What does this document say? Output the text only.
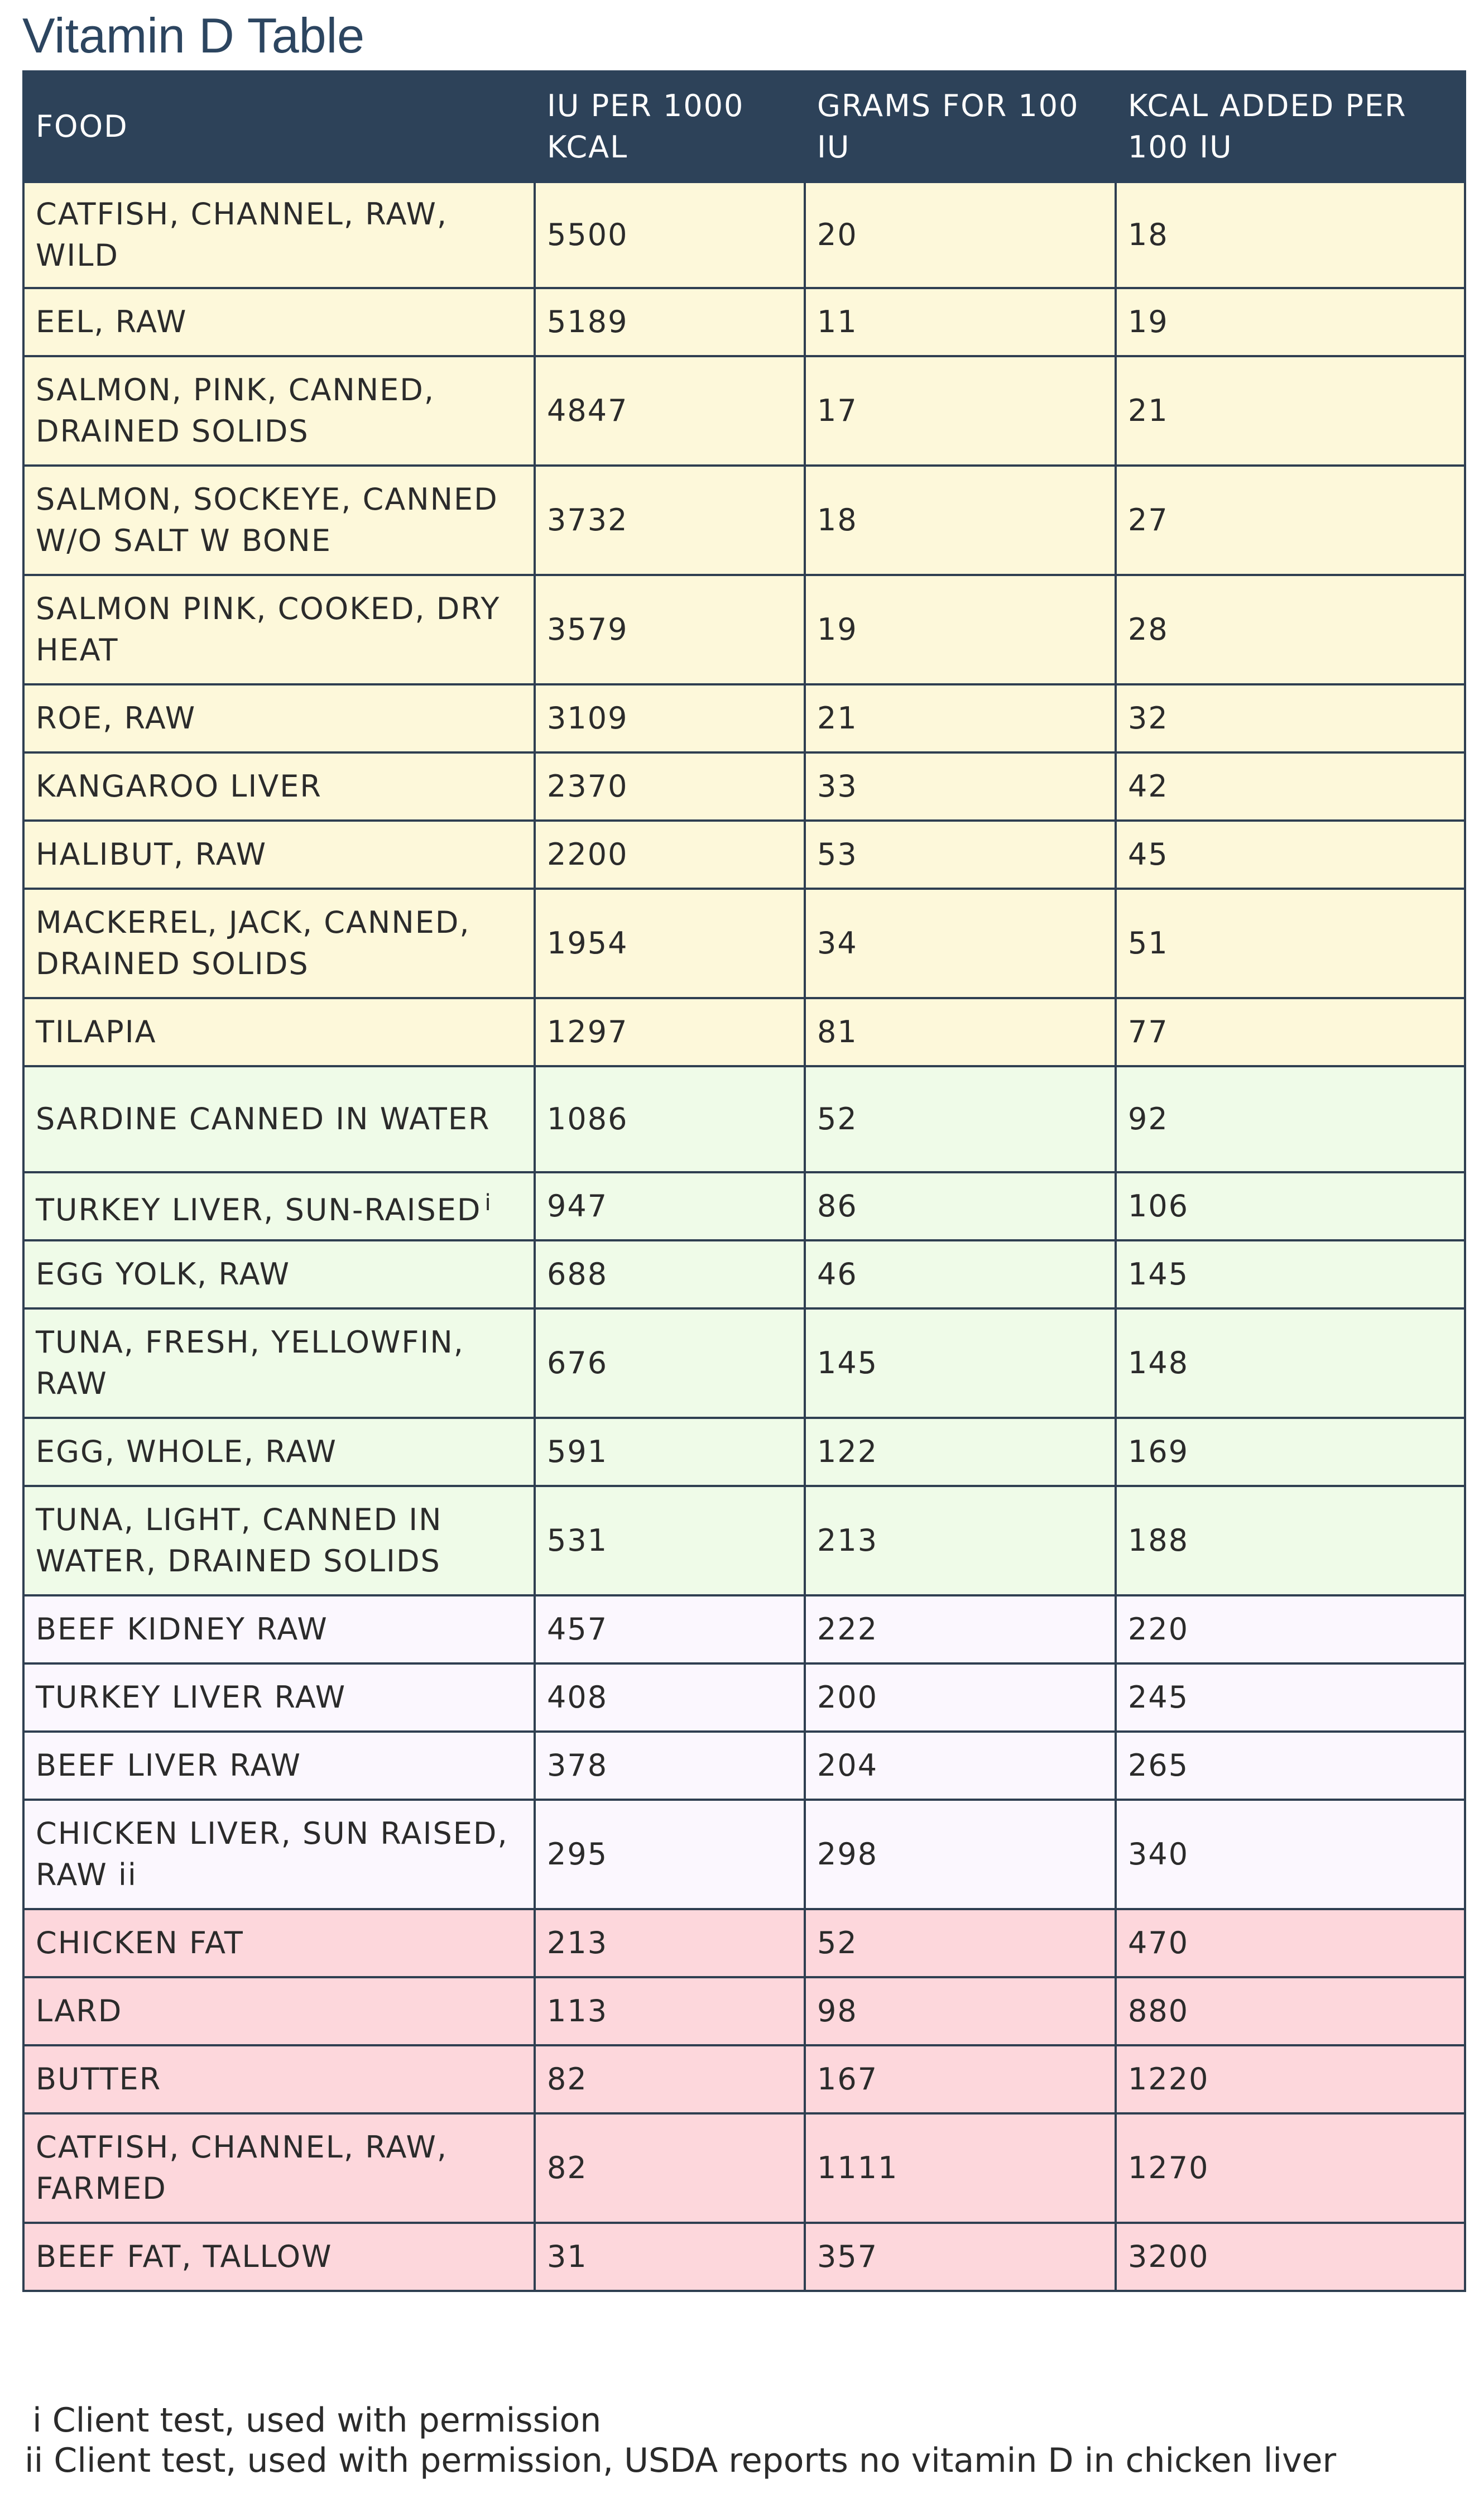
Vitamin D Table
FOOD	IU PER 1000 KCAL	GRAMS FOR 100 IU	KCAL ADDED PER 100 IU
CATFISH, CHANNEL, RAW, WILD	5500	20	18
EEL, RAW	5189	11	19
SALMON, PINK, CANNED, DRAINED SOLIDS	4847	17	21
SALMON, SOCKEYE, CANNED W/O SALT W BONE	3732	18	27
SALMON PINK, COOKED, DRY HEAT	3579	19	28
ROE, RAW	3109	21	32
KANGAROO LIVER	2370	33	42
HALIBUT, RAW	2200	53	45
MACKEREL, JACK, CANNED, DRAINED SOLIDS	1954	34	51
TILAPIA	1297	81	77
SARDINE CANNED IN WATER	1086	52	92
TURKEY LIVER, SUN-RAISED $^i$	947	86	106
EGG YOLK, RAW	688	46	145
TUNA, FRESH, YELLOWFIN, RAW	676	145	148
EGG, WHOLE, RAW	591	122	169
TUNA, LIGHT, CANNED IN WATER, DRAINED SOLIDS	531	213	188
BEEF KIDNEY RAW	457	222	220
TURKEY LIVER RAW	408	200	245
BEEF LIVER RAW	378	204	265
CHICKEN LIVER, SUN RAISED, RAW ii	295	298	340
CHICKEN FAT	213	52	470
LARD	113	98	880
BUTTER	82	167	1220
CATFISH, CHANNEL, RAW, FARMED	82	1111	1270
BEEF FAT, TALLOW	31	357	3200
i Client test, used with permission
ii Client test, used with permission, USDA reports no vitamin D in chicken liver
